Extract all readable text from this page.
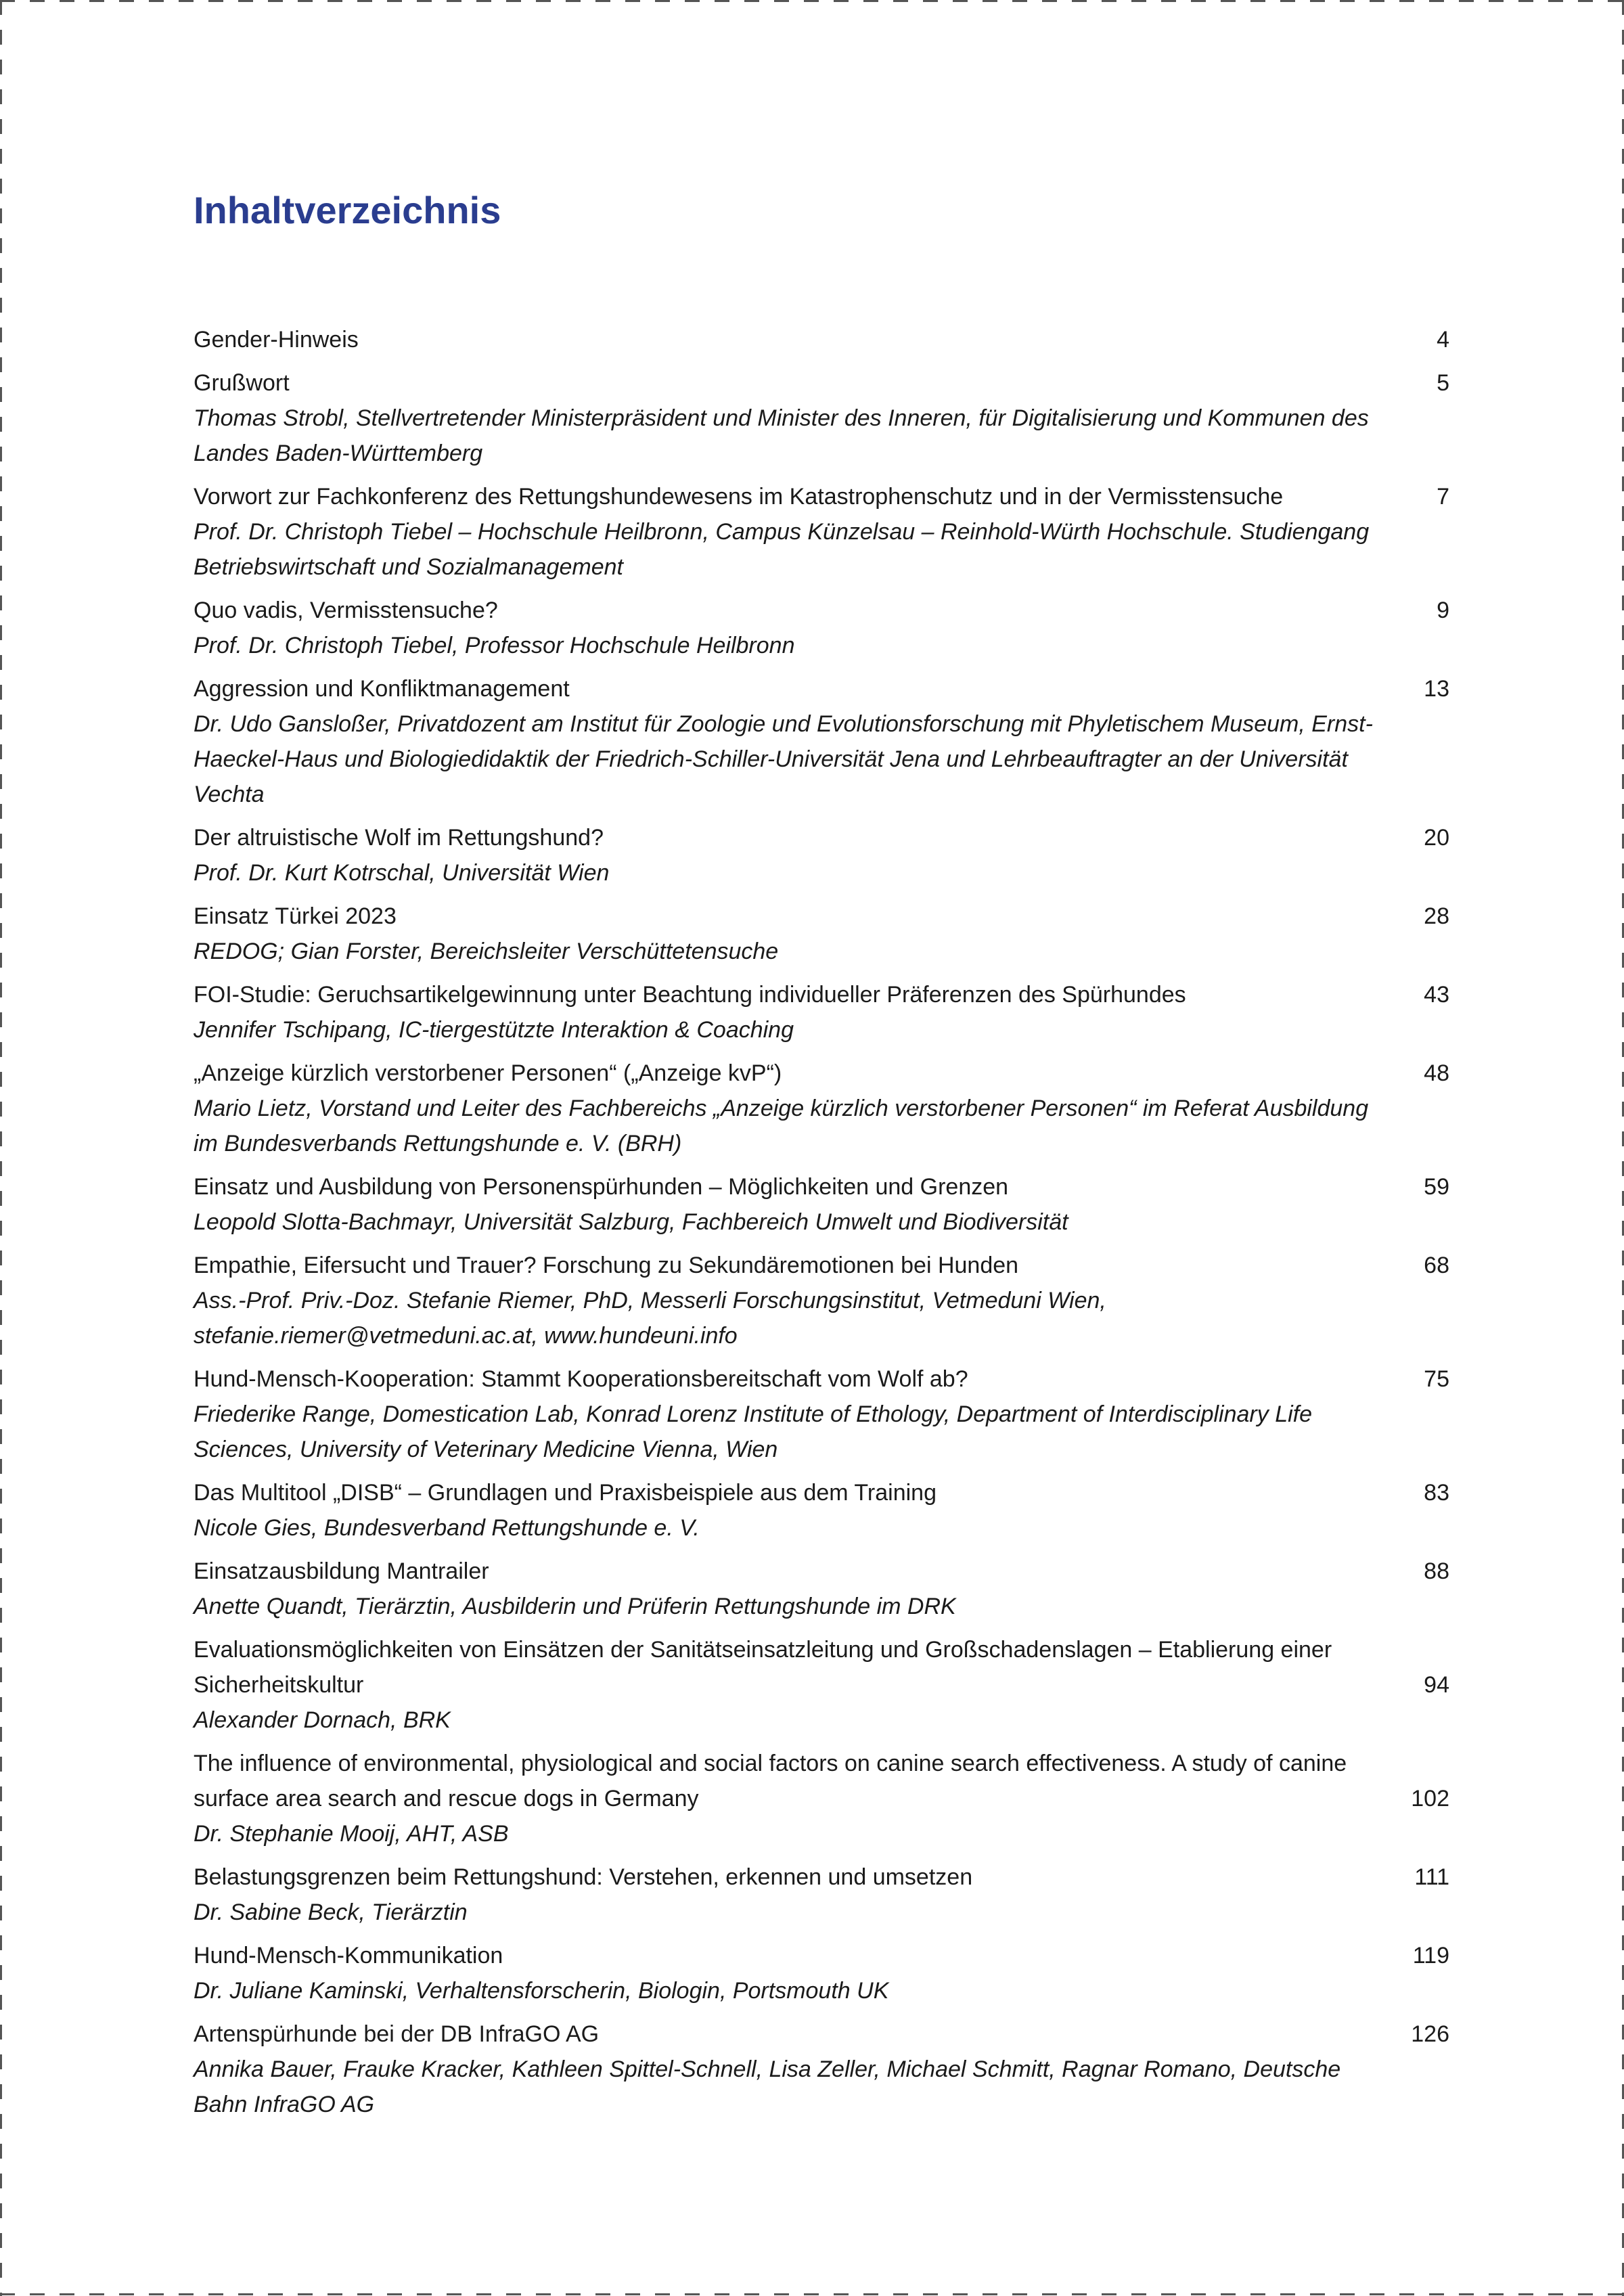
Inhaltverzeichnis
Gender-Hinweis	4
Grußwort
Thomas Strobl, Stellvertretender Ministerpräsident und Minister des Inneren, für Digitalisierung und Kommunen des Landes Baden-Württemberg
5
Vorwort zur Fachkonferenz des Rettungshundewesens im Katastrophenschutz und in der Vermisstensuche
Prof. Dr. Christoph Tiebel – Hochschule Heilbronn, Campus Künzelsau – Reinhold-Würth Hochschule. Studiengang Betriebswirtschaft und Sozialmanagement
7
Quo vadis, Vermisstensuche?
Prof. Dr. Christoph Tiebel, Professor Hochschule Heilbronn
9
Aggression und Konfliktmanagement
Dr. Udo Gansloßer, Privatdozent am Institut für Zoologie und Evolutionsforschung mit Phyletischem Museum, Ernst-Haeckel-Haus und Biologiedidaktik der Friedrich-Schiller-Universität Jena und Lehrbeauftragter an der Universität Vechta
13
Der altruistische Wolf im Rettungshund?
Prof. Dr. Kurt Kotrschal, Universität Wien
20
Einsatz Türkei 2023
REDOG; Gian Forster, Bereichsleiter Verschüttetensuche
28
FOI-Studie: Geruchsartikelgewinnung unter Beachtung individueller Präferenzen des Spürhundes
Jennifer Tschipang, IC-tiergestützte Interaktion & Coaching
43
„Anzeige kürzlich verstorbener Personen“ („Anzeige kvP“)
Mario Lietz, Vorstand und Leiter des Fachbereichs „Anzeige kürzlich verstorbener Personen“ im Referat Ausbildung im Bundesverbands Rettungshunde e. V. (BRH)
48
Einsatz und Ausbildung von Personenspürhunden – Möglichkeiten und Grenzen
Leopold Slotta-Bachmayr, Universität Salzburg, Fachbereich Umwelt und Biodiversität
59
Empathie, Eifersucht und Trauer? Forschung zu Sekundäremotionen bei Hunden
Ass.-Prof. Priv.-Doz. Stefanie Riemer, PhD, Messerli Forschungsinstitut, Vetmeduni Wien, stefanie.riemer@vetmeduni.ac.at, www.hundeuni.info
68
Hund-Mensch-Kooperation: Stammt Kooperationsbereitschaft vom Wolf ab?
Friederike Range, Domestication Lab, Konrad Lorenz Institute of Ethology, Department of Interdisciplinary Life Sciences, University of Veterinary Medicine Vienna, Wien
75
Das Multitool „DISB“ – Grundlagen und Praxisbeispiele aus dem Training
Nicole Gies, Bundesverband Rettungshunde e. V.
83
Einsatzausbildung Mantrailer
Anette Quandt, Tierärztin, Ausbilderin und Prüferin Rettungshunde im DRK
88
Evaluationsmöglichkeiten von Einsätzen der Sanitätseinsatzleitung und Großschadenslagen – Etablierung einer Sicherheitskultur
Alexander Dornach, BRK
94
The influence of environmental, physiological and social factors on canine search effectiveness. A study of canine surface area search and rescue dogs in Germany
Dr. Stephanie Mooij, AHT, ASB
102
Belastungsgrenzen beim Rettungshund: Verstehen, erkennen und umsetzen
Dr. Sabine Beck, Tierärztin
111
Hund-Mensch-Kommunikation
Dr. Juliane Kaminski, Verhaltensforscherin, Biologin, Portsmouth UK
119
Artenspürhunde bei der DB InfraGO AG
Annika Bauer, Frauke Kracker, Kathleen Spittel-Schnell, Lisa Zeller, Michael Schmitt, Ragnar Romano, Deutsche Bahn InfraGO AG
126
